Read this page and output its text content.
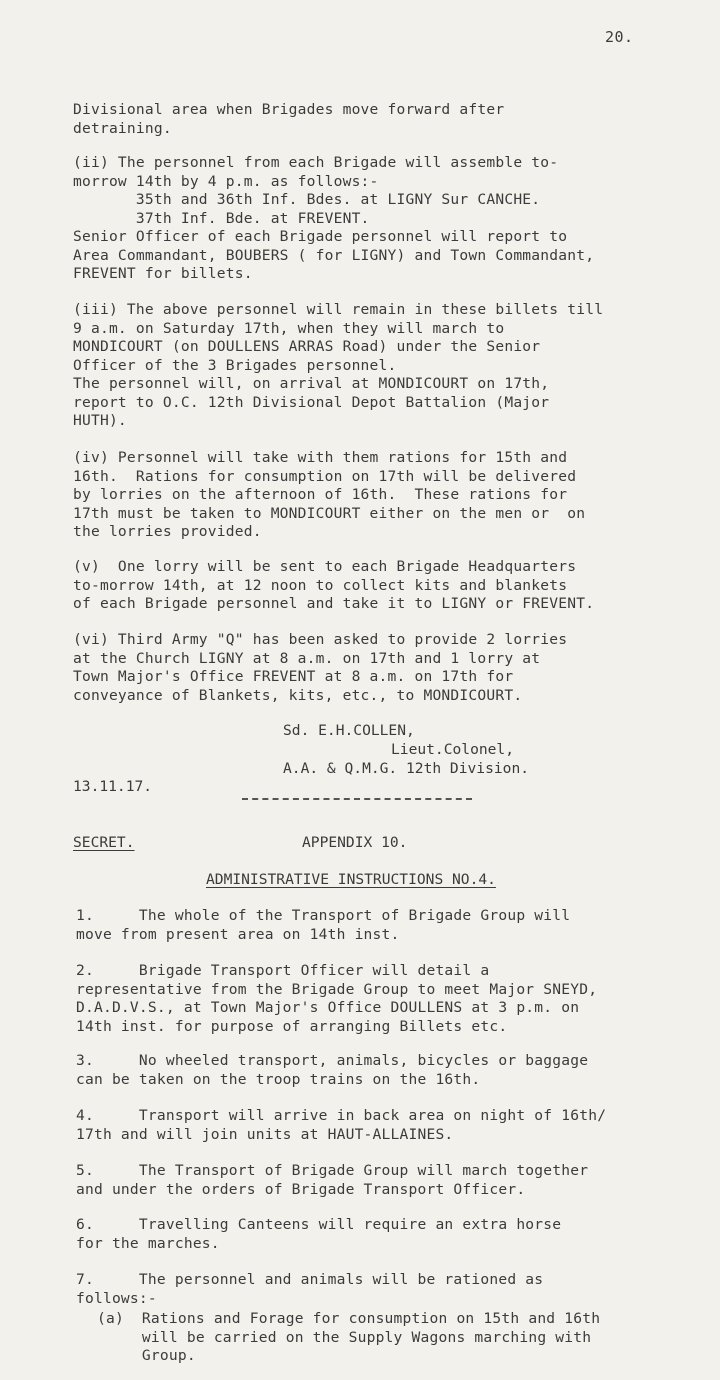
20.
Divisional area when Brigades move forward after
detraining.
(ii) The personnel from each Brigade will assemble to-
morrow 14th by 4 p.m. as follows:-
35th and 36th Inf. Bdes. at LIGNY Sur CANCHE.
37th Inf. Bde. at FREVENT.
Senior Officer of each Brigade personnel will report to
Area Commandant, BOUBERS ( for LIGNY) and Town Commandant,
FREVENT for billets.
(iii) The above personnel will remain in these billets till
9 a.m. on Saturday 17th, when they will march to
MONDICOURT (on DOULLENS ARRAS Road) under the Senior
Officer of the 3 Brigades personnel.
The personnel will, on arrival at MONDICOURT on 17th,
report to O.C. 12th Divisional Depot Battalion (Major
HUTH).
(iv) Personnel will take with them rations for 15th and
16th.  Rations for consumption on 17th will be delivered
by lorries on the afternoon of 16th.  These rations for
17th must be taken to MONDICOURT either on the men or  on
the lorries provided.
(v)  One lorry will be sent to each Brigade Headquarters
to-morrow 14th, at 12 noon to collect kits and blankets
of each Brigade personnel and take it to LIGNY or FREVENT.
(vi) Third Army "Q" has been asked to provide 2 lorries
at the Church LIGNY at 8 a.m. on 17th and 1 lorry at
Town Major's Office FREVENT at 8 a.m. on 17th for
conveyance of Blankets, kits, etc., to MONDICOURT.
Sd. E.H.COLLEN,
Lieut.Colonel,
A.A. & Q.M.G. 12th Division.
13.11.17.
SECRET.	APPENDIX 10.
ADMINISTRATIVE INSTRUCTIONS NO.4.
1.     The whole of the Transport of Brigade Group will
move from present area on 14th inst.
2.     Brigade Transport Officer will detail a
representative from the Brigade Group to meet Major SNEYD,
D.A.D.V.S., at Town Major's Office DOULLENS at 3 p.m. on
14th inst. for purpose of arranging Billets etc.
3.     No wheeled transport, animals, bicycles or baggage
can be taken on the troop trains on the 16th.
4.     Transport will arrive in back area on night of 16th/
17th and will join units at HAUT-ALLAINES.
5.     The Transport of Brigade Group will march together
and under the orders of Brigade Transport Officer.
6.     Travelling Canteens will require an extra horse
for the marches.
7.     The personnel and animals will be rationed as
follows:-
(a)  Rations and Forage for consumption on 15th and 16th
will be carried on the Supply Wagons marching with
Group.
